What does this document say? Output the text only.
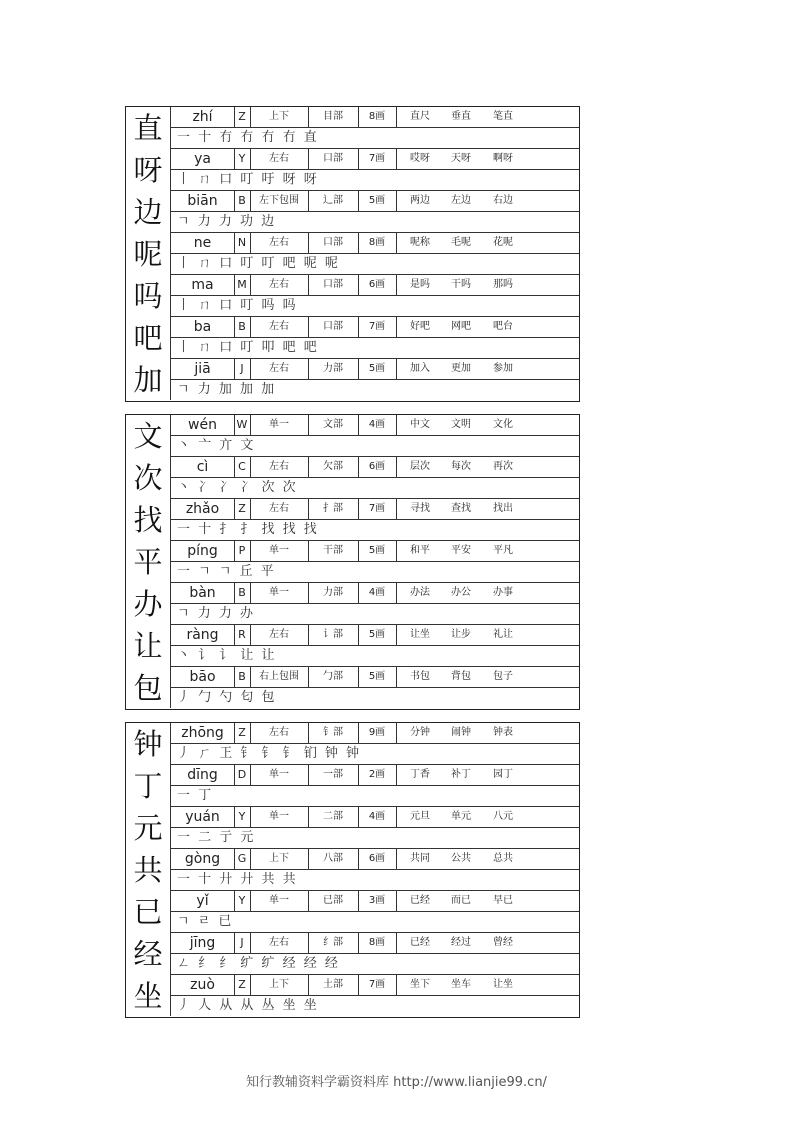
直	zhí	Z	上下	目部	8画	直尺	垂直	笔直
一 十 冇 冇 冇 冇 直
呀	ya	Y	左右	口部	7画	哎呀	天呀	啊呀
丨 ㄇ 口 叮 吁 呀 呀
边	biān	B	左下包围	辶部	5画	两边	左边	右边
ㄱ 力 力 功 边
呢	ne	N	左右	口部	8画	呢称	毛呢	花呢
丨 ㄇ 口 叮 叮 吧 呢 呢
吗	ma	M	左右	口部	6画	是吗	干吗	那吗
丨 ㄇ 口 叮 吗 吗
吧	ba	B	左右	口部	7画	好吧	网吧	吧台
丨 ㄇ 口 叮 叩 吧 吧
加	jiā	J	左右	力部	5画	加入	更加	参加
ㄱ 力 加 加 加
文	wén	W	单一	文部	4画	中文	文明	文化
丶 亠 亣 文
次	cì	C	左右	欠部	6画	层次	每次	再次
丶 冫 冫 冫 次 次
找	zhǎo	Z	左右	扌部	7画	寻找	查找	找出
一 十 扌 扌 找 找 找
平	píng	P	单一	干部	5画	和平	平安	平凡
一 ㄱ ㄱ 丘 平
办	bàn	B	单一	力部	4画	办法	办公	办事
ㄱ 力 力 办
让	ràng	R	左右	讠部	5画	让坐	让步	礼让
丶 讠 讠 让 让
包	bāo	B	右上包围	勹部	5画	书包	背包	包子
丿 勹 勺 匂 包
钟	zhōng	Z	左右	钅部	9画	分钟	闹钟	钟表
丿 ㄏ 㠪 钅 钅 钅 钔 钟 钟
丁	dīng	D	单一	一部	2画	丁香	补丁	园丁
一 丁
元	yuán	Y	单一	二部	4画	元旦	单元	八元
一 二 亍 元
共	gòng	G	上下	八部	6画	共同	公共	总共
一 十 廾 廾 共 共
已	yǐ	Y	单一	已部	3画	已经	而已	早已
ㄱ ㄹ 已
经	jīng	J	左右	纟部	8画	已经	经过	曾经
ㄥ 纟 纟 纩 纩 经 经 经
坐	zuò	Z	上下	土部	7画	坐下	坐车	让坐
丿 人 从 从 丛 坐 坐
知行教辅资料学霸资料库 http://www.lianjie99.cn/
